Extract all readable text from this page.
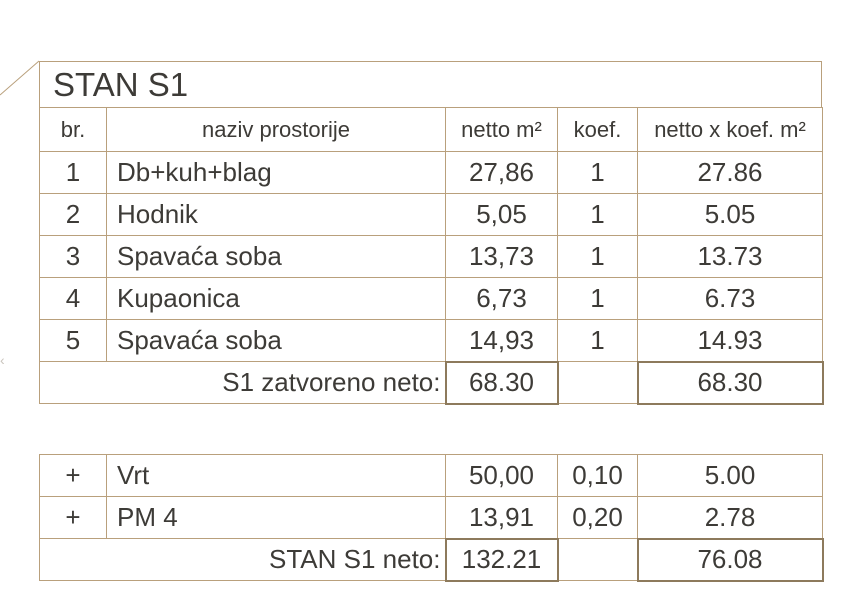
‹
STAN S1
br.	naziv prostorije	netto m²	koef.	netto x koef. m²
1	Db+kuh+blag	27,86	1	27.86
2	Hodnik	5,05	1	5.05
3	Spavaća soba	13,73	1	13.73
4	Kupaonica	6,73	1	6.73
5	Spavaća soba	14,93	1	14.93
S1 zatvoreno neto:		68.30		68.30
+	Vrt	50,00	0,10	5.00
+	PM 4	13,91	0,20	2.78
STAN S1 neto:		132.21		76.08
